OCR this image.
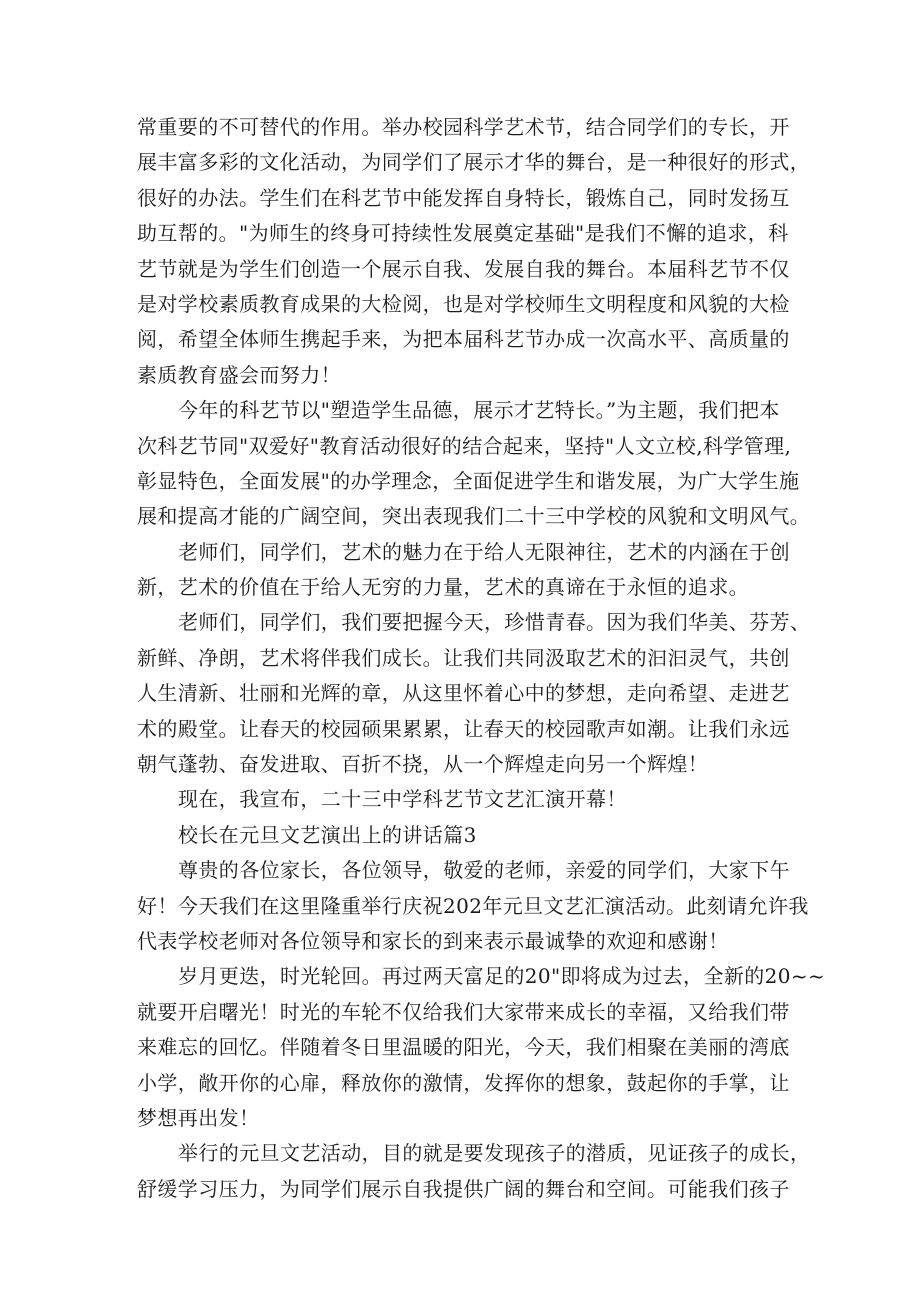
常重要的不可替代的作用。举办校园科学艺术节，结合同学们的专长，开
展丰富多彩的文化活动，为同学们了展示才华的舞台，是一种很好的形式，
很好的办法。学生们在科艺节中能发挥自身特长，锻炼自己，同时发扬互
助互帮的。"为师生的终身可持续性发展奠定基础"是我们不懈的追求，科
艺节就是为学生们创造一个展示自我、发展自我的舞台。本届科艺节不仅
是对学校素质教育成果的大检阅，也是对学校师生文明程度和风貌的大检
阅，希望全体师生携起手来，为把本届科艺节办成一次高水平、高质量的
素质教育盛会而努力！
今年的科艺节以"塑造学生品德，展示才艺特长。”为主题，我们把本
次科艺节同"双爱好"教育活动很好的结合起来，坚持"人文立校,科学管理,
彰显特色，全面发展"的办学理念，全面促进学生和谐发展，为广大学生施
展和提高才能的广阔空间，突出表现我们二十三中学校的风貌和文明风气。
老师们，同学们，艺术的魅力在于给人无限神往，艺术的内涵在于创
新，艺术的价值在于给人无穷的力量，艺术的真谛在于永恒的追求。
老师们，同学们，我们要把握今天，珍惜青春。因为我们华美、芬芳、
新鲜、净朗，艺术将伴我们成长。让我们共同汲取艺术的汩汩灵气，共创
人生清新、壮丽和光辉的章，从这里怀着心中的梦想，走向希望、走进艺
术的殿堂。让春天的校园硕果累累，让春天的校园歌声如潮。让我们永远
朝气蓬勃、奋发进取、百折不挠，从一个辉煌走向另一个辉煌！
现在，我宣布，二十三中学科艺节文艺汇演开幕！
校长在元旦文艺演出上的讲话篇3
尊贵的各位家长，各位领导，敬爱的老师，亲爱的同学们，大家下午
好！今天我们在这里隆重举行庆祝202年元旦文艺汇演活动。此刻请允许我
代表学校老师对各位领导和家长的到来表示最诚挚的欢迎和感谢！
岁月更迭，时光轮回。再过两天富足的20"即将成为过去，全新的20~~
就要开启曙光！时光的车轮不仅给我们大家带来成长的幸福，又给我们带
来难忘的回忆。伴随着冬日里温暖的阳光，今天，我们相聚在美丽的湾底
小学，敞开你的心扉，释放你的激情，发挥你的想象，鼓起你的手掌，让
梦想再出发！
举行的元旦文艺活动，目的就是要发现孩子的潜质，见证孩子的成长，
舒缓学习压力，为同学们展示自我提供广阔的舞台和空间。可能我们孩子
